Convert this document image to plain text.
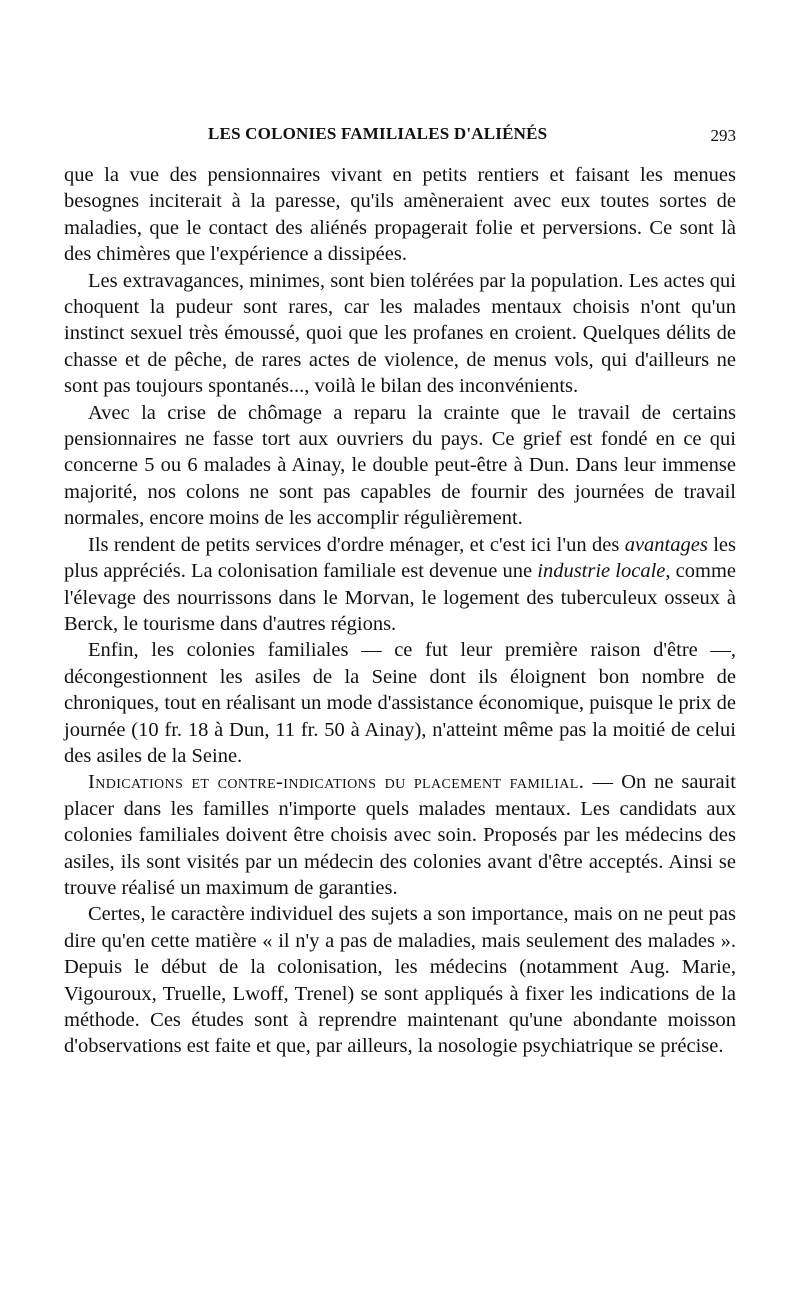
LES COLONIES FAMILIALES D'ALIÉNÉS	293

que la vue des pensionnaires vivant en petits rentiers et faisant les menues besognes inciterait à la paresse, qu'ils amèneraient avec eux toutes sortes de maladies, que le contact des aliénés propagerait folie et perversions. Ce sont là des chimères que l'expérience a dissipées.

Les extravagances, minimes, sont bien tolérées par la population. Les actes qui choquent la pudeur sont rares, car les malades mentaux choisis n'ont qu'un instinct sexuel très émoussé, quoi que les profanes en croient. Quelques délits de chasse et de pêche, de rares actes de violence, de menus vols, qui d'ailleurs ne sont pas toujours spontanés..., voilà le bilan des inconvénients.

Avec la crise de chômage a reparu la crainte que le travail de certains pensionnaires ne fasse tort aux ouvriers du pays. Ce grief est fondé en ce qui concerne 5 ou 6 malades à Ainay, le double peut-être à Dun. Dans leur immense majorité, nos colons ne sont pas capables de fournir des journées de travail normales, encore moins de les accomplir régulièrement.

Ils rendent de petits services d'ordre ménager, et c'est ici l'un des avantages les plus appréciés. La colonisation familiale est devenue une industrie locale, comme l'élevage des nourrissons dans le Morvan, le logement des tuberculeux osseux à Berck, le tourisme dans d'autres régions.

Enfin, les colonies familiales — ce fut leur première raison d'être —, décongestionnent les asiles de la Seine dont ils éloignent bon nombre de chroniques, tout en réalisant un mode d'assistance économique, puisque le prix de journée (10 fr. 18 à Dun, 11 fr. 50 à Ainay), n'atteint même pas la moitié de celui des asiles de la Seine.

Indications et contre-indications du placement familial. — On ne saurait placer dans les familles n'importe quels malades mentaux. Les candidats aux colonies familiales doivent être choisis avec soin. Proposés par les médecins des asiles, ils sont visités par un médecin des colonies avant d'être acceptés. Ainsi se trouve réalisé un maximum de garanties.

Certes, le caractère individuel des sujets a son importance, mais on ne peut pas dire qu'en cette matière « il n'y a pas de maladies, mais seulement des malades ». Depuis le début de la colonisation, les médecins (notamment Aug. Marie, Vigouroux, Truelle, Lwoff, Trenel) se sont appliqués à fixer les indications de la méthode. Ces études sont à reprendre maintenant qu'une abondante moisson d'observations est faite et que, par ailleurs, la nosologie psychiatrique se précise.
